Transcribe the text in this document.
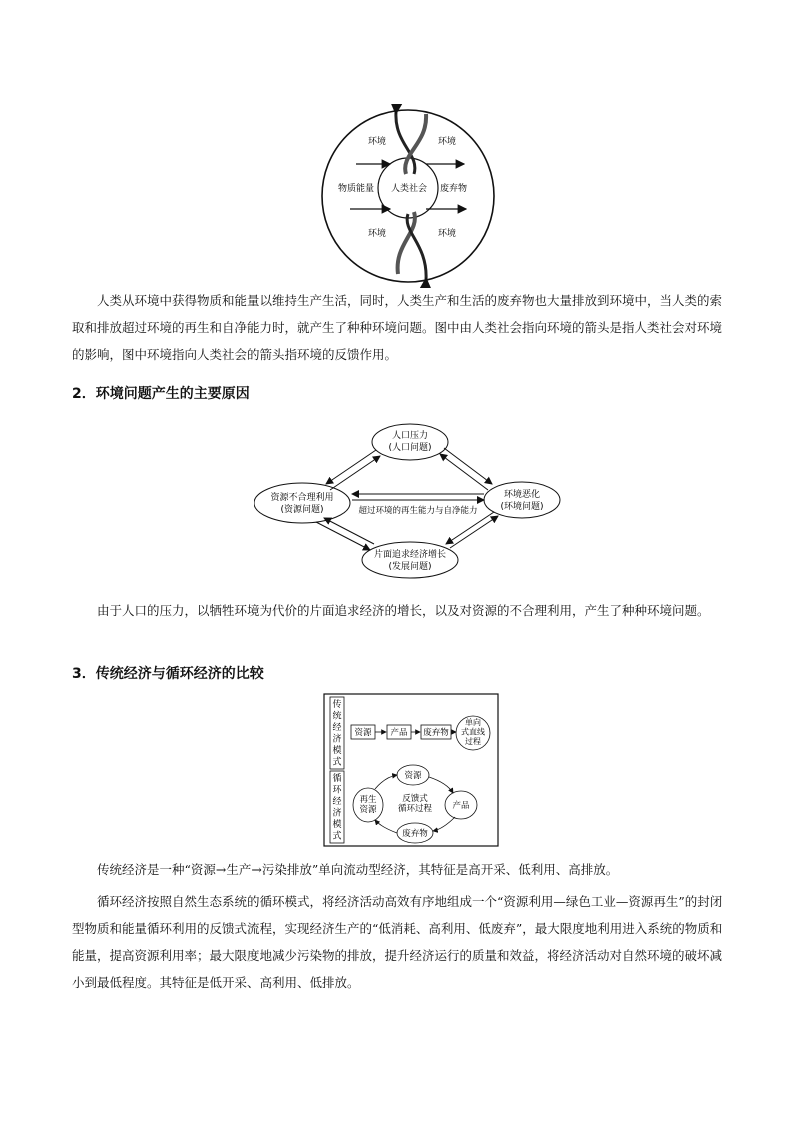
环境	环境
环境	环境
物质能量 人类社会 废弃物

人类从环境中获得物质和能量以维持生产生活，同时，人类生产和生活的废弃物也大量排放到环境中，当人类的索取和排放超过环境的再生和自净能力时，就产生了种种环境问题。图中由人类社会指向环境的箭头是指人类社会对环境的影响，图中环境指向人类社会的箭头指环境的反馈作用。

2．环境问题产生的主要原因
人口压力
(人口问题)
资源不合理利用
(资源问题)
环境恶化
(环境问题)
片面追求经济增长
(发展问题)
超过环境的再生能力与自净能力

由于人口的压力，以牺牲环境为代价的片面追求经济的增长，以及对资源的不合理利用，产生了种种环境问题。

3．传统经济与循环经济的比较
传
统
经
济
模
式
循
环
经
济
模
式
资源 产品 废弃物
单向
式直线
过程
资源
产品
废弃物
再生
资源
反馈式
循环过程

传统经济是一种“资源→生产→污染排放”单向流动型经济，其特征是高开采、低利用、高排放。

循环经济按照自然生态系统的循环模式，将经济活动高效有序地组成一个“资源利用—绿色工业—资源再生”的封闭型物质和能量循环利用的反馈式流程，实现经济生产的“低消耗、高利用、低废弃”，最大限度地利用进入系统的物质和能量，提高资源利用率；最大限度地减少污染物的排放，提升经济运行的质量和效益，将经济活动对自然环境的破坏减小到最低程度。其特征是低开采、高利用、低排放。
